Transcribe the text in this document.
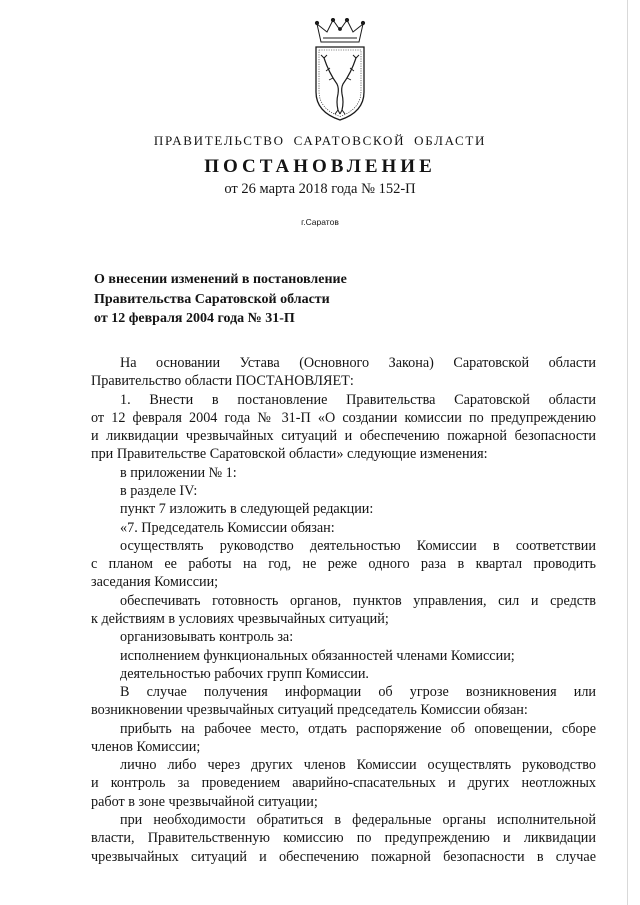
ПРАВИТЕЛЬСТВО САРАТОВСКОЙ ОБЛАСТИ
ПОСТАНОВЛЕНИЕ
от 26 марта 2018 года № 152-П
г.Саратов
О внесении изменений в постановление
Правительства Саратовской области
от 12 февраля 2004 года № 31-П
На основании Устава (Основного Закона) Саратовской области
Правительство области ПОСТАНОВЛЯЕТ:
1. Внести в постановление Правительства Саратовской области
от 12 февраля 2004 года № 31-П «О создании комиссии по предупреждению
и ликвидации чрезвычайных ситуаций и обеспечению пожарной безопасности
при Правительстве Саратовской области» следующие изменения:
в приложении № 1:
в разделе IV:
пункт 7 изложить в следующей редакции:
«7. Председатель Комиссии обязан:
осуществлять руководство деятельностью Комиссии в соответствии
с планом ее работы на год, не реже одного раза в квартал проводить
заседания Комиссии;
обеспечивать готовность органов, пунктов управления, сил и средств
к действиям в условиях чрезвычайных ситуаций;
организовывать контроль за:
исполнением функциональных обязанностей членами Комиссии;
деятельностью рабочих групп Комиссии.
В случае получения информации об угрозе возникновения или
возникновении чрезвычайных ситуаций председатель Комиссии обязан:
прибыть на рабочее место, отдать распоряжение об оповещении, сборе
членов Комиссии;
лично либо через других членов Комиссии осуществлять руководство
и контроль за проведением аварийно-спасательных и других неотложных
работ в зоне чрезвычайной ситуации;
при необходимости обратиться в федеральные органы исполнительной
власти, Правительственную комиссию по предупреждению и ликвидации
чрезвычайных ситуаций и обеспечению пожарной безопасности в случае
